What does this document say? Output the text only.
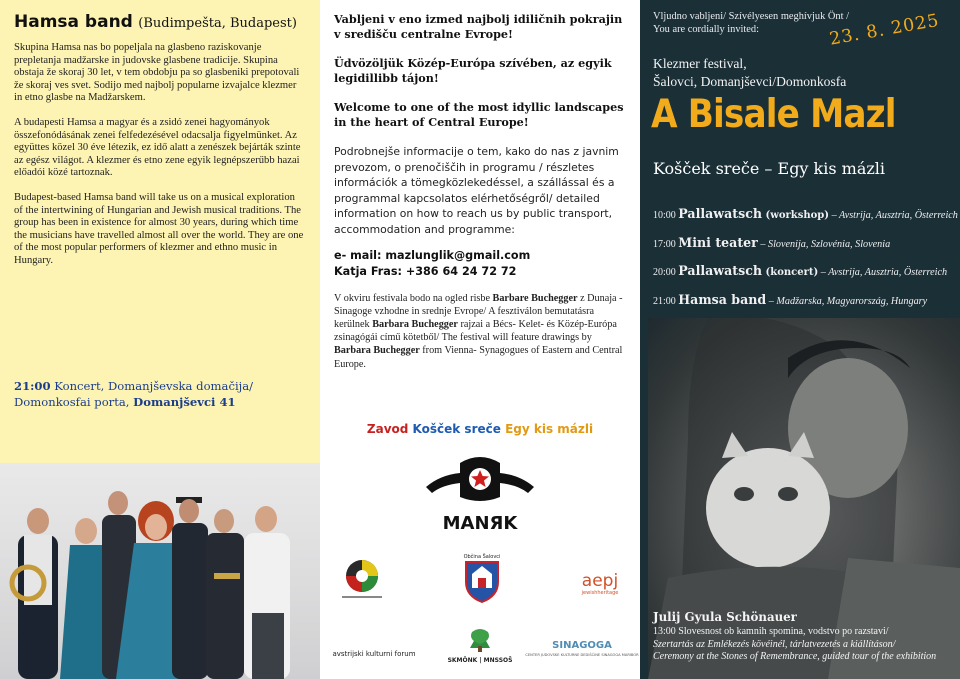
Hamsa band (Budimpešta, Budapest)

Skupina Hamsa nas bo popeljala na glasbeno raziskovanje prepletanja madžarske in judovske glasbene tradicije. Skupina obstaja že skoraj 30 let, v tem obdobju pa so glasbeniki prepotovali že skoraj ves svet. Sodijo med najbolj popularne izvajalce klezmer in etno glasbe na Madžarskem.

A budapesti Hamsa a magyar és a zsidó zenei hagyományok összefonódásának zenei felfedezésével odacsalja figyelmünket. Az együttes közel 30 éve létezik, ez idő alatt a zenészek bejárták szinte az egész világot. A klezmer és etno zene egyik legnépszerűbb hazai előadói közé tartoznak.

Budapest-based Hamsa band will take us on a musical exploration of the intertwining of Hungarian and Jewish musical traditions. The group has been in existence for almost 30 years, during which time the musicians have travelled almost all over the world. They are one of the most popular performers of klezmer and ethno music in Hungary.

21:00 Koncert, Domanjševska domačija/
Domonkosfai porta, Domanjševci 41

Vabljeni v eno izmed najbolj idiličnih pokrajin v središču centralne Evrope!

Üdvözöljük Közép-Európa szívében, az egyik legidillibb tájon!

Welcome to one of the most idyllic landscapes in the heart of Central Europe!

Podrobnejše informacije o tem, kako do nas z javnim prevozom, o prenočiščih in programu / részletes információk a tömegközlekedéssel, a szállással és a programmal kapcsolatos elérhetőségről/ detailed information on how to reach us by public transport, accommodation and programme:

e- mail: mazlunglik@gmail.com
Katja Fras: +386 64 24 72 72

V okviru festivala bodo na ogled risbe Barbare Buchegger z Dunaja - Sinagoge vzhodne in srednje Evrope/ A fesztiválon bemutatásra kerülnek Barbara Buchegger rajzai a Bécs- Kelet- és Közép-Európa zsinagógái című kötetből/ The festival will feature drawings by Barbara Buchegger from Vienna- Synagogues of Eastern and Central Europe.

Zavod Košček sreče Egy kis mázli
MANЯK
Občina Šalovci
aepj
jewishheritage
avstrijski kulturni forum
SKMÖNK | MNSSOŠ
SINAGOGA
CENTER JUDOVSKE KULTURNE DEDIŠČINE SINAGOGA MARIBOR
Vljudno vabljeni/ Szívélyesen meghívjuk Önt /
You are cordially invited:	23. 8. 2025
Klezmer festival,
Šalovci, Domanjševci/Domonkosfa
A Bisale Mazl
Košček sreče – Egy kis mázli
10:00 Pallawatsch (workshop) – Avstrija, Ausztria, Österreich
17:00 Mini teater – Slovenija, Szlovénia, Slovenia
20:00 Pallawatsch (koncert) – Avstrija, Ausztria, Österreich
21:00 Hamsa band – Madžarska, Magyarország, Hungary
Julij Gyula Schönauer
13:00 Slovesnost ob kamnih spomina, vodstvo po razstavi/
Szertartás az Emlékezés kövéinél, tárlatvezetés a kiállításon/
Ceremony at the Stones of Remembrance, guided tour of the exhibition
